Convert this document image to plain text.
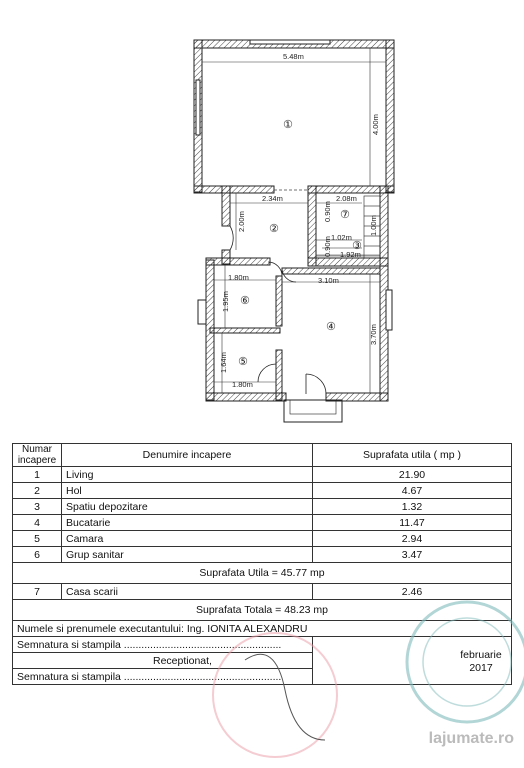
5.48m
4.00m
2.34m
2.00m
2.08m
0.90m
0.90m 1.02m
1.00m
1.92m
1.80m
1.95m
3.10m
3.70m
1.80m
1.64m
①
②
③
④
⑤
⑥
⑦
Numar incapere	Denumire incapere	Suprafata utila ( mp )
1	Living	21.90
2	Hol	4.67
3	Spatiu depozitare	1.32
4	Bucatarie	11.47
5	Camara	2.94
6	Grup sanitar	3.47
Suprafata Utila = 45.77 mp		
7	Casa scarii	2.46
Suprafata Totala = 48.23 mp		
Numele si prenumele executantului: Ing. IONITA ALEXANDRU		
Semnatura si stampila ......................................................		februarie 2017

Receptionat,		
Semnatura si stampila ......................................................		
lajumate.ro
